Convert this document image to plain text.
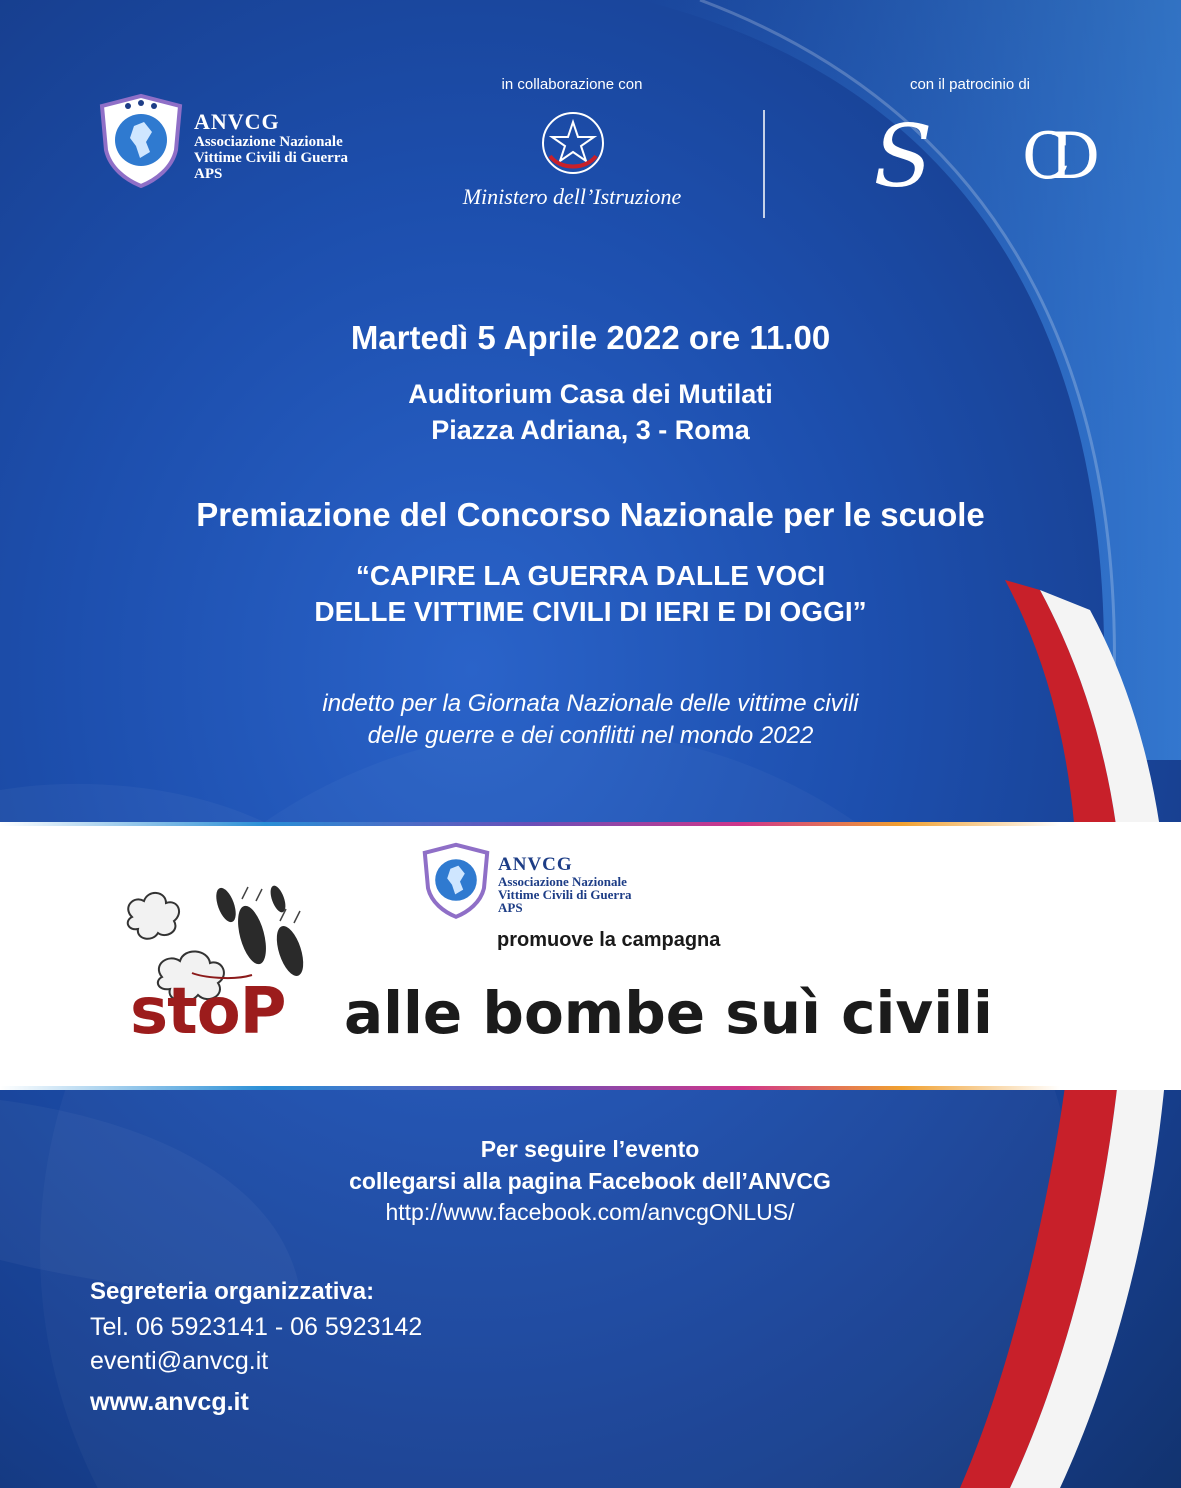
ANVCG
Associazione Nazionale
Vittime Civili di Guerra
APS
in collaborazione con
Ministero dell’Istruzione
con il patrocinio di
S CD
Martedì 5 Aprile 2022 ore 11.00
Auditorium Casa dei Mutilati
Piazza Adriana, 3 - Roma
Premiazione del Concorso Nazionale per le scuole
“CAPIRE LA GUERRA DALLE VOCI
DELLE VITTIME CIVILI DI IERI E DI OGGI”
indetto per la Giornata Nazionale delle vittime civili
delle guerre e dei conflitti nel mondo 2022
ANVCG
Associazione Nazionale
Vittime Civili di Guerra
APS
promuove la campagna
stoP alle bombe suì civili
Per seguire l’evento
collegarsi alla pagina Facebook dell’ANVCG
http://www.facebook.com/anvcgONLUS/
Segreteria organizzativa:
Tel. 06 5923141 - 06 5923142
eventi@anvcg.it
www.anvcg.it
